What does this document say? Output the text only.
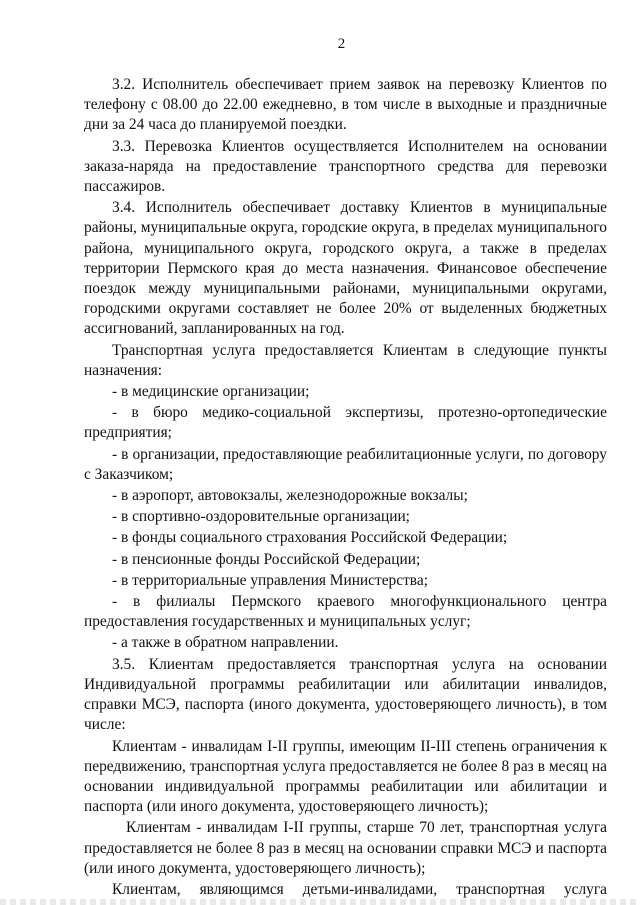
2

3.2. Исполнитель обеспечивает прием заявок на перевозку Клиентов по телефону с 08.00 до 22.00 ежедневно, в том числе в выходные и праздничные дни за 24 часа до планируемой поездки.

3.3. Перевозка Клиентов осуществляется Исполнителем на основании заказа-наряда на предоставление транспортного средства для перевозки пассажиров.

3.4. Исполнитель обеспечивает доставку Клиентов в муниципальные районы, муниципальные округа, городские округа, в пределах муниципального района, муниципального округа, городского округа, а также в пределах территории Пермского края до места назначения. Финансовое обеспечение поездок между муниципальными районами, муниципальными округами, городскими округами составляет не более 20% от выделенных бюджетных ассигнований, запланированных на год.

Транспортная услуга предоставляется Клиентам в следующие пункты назначения:

- в медицинские организации;

- в бюро медико-социальной экспертизы, протезно-ортопедические предприятия;

- в организации, предоставляющие реабилитационные услуги, по договору с Заказчиком;

- в аэропорт, автовокзалы, железнодорожные вокзалы;

- в спортивно-оздоровительные организации;

- в фонды социального страхования Российской Федерации;

- в пенсионные фонды Российской Федерации;

- в территориальные управления Министерства;

- в филиалы Пермского краевого многофункционального центра предоставления государственных и муниципальных услуг;

- а также в обратном направлении.

3.5. Клиентам предоставляется транспортная услуга на основании Индивидуальной программы реабилитации или абилитации инвалидов, справки МСЭ, паспорта (иного документа, удостоверяющего личность), в том числе:

Клиентам - инвалидам I-II группы, имеющим II-III степень ограничения к передвижению, транспортная услуга предоставляется не более 8 раз в месяц на основании индивидуальной программы реабилитации или абилитации и паспорта (или иного документа, удостоверяющего личность);

Клиентам - инвалидам I-II группы, старше 70 лет, транспортная услуга предоставляется не более 8 раз в месяц на основании справки МСЭ и паспорта (или иного документа, удостоверяющего личность);

Клиентам, являющимся детьми-инвалидами, транспортная услуга
